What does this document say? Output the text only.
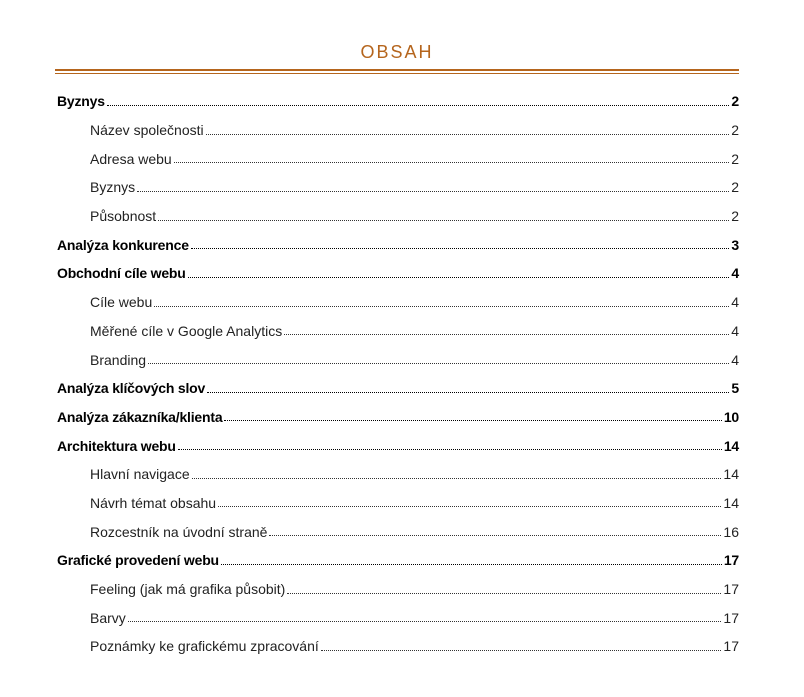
OBSAH
Byznys	2
Název společnosti	2
Adresa webu	2
Byznys	2
Působnost	2
Analýza konkurence	3
Obchodní cíle webu	4
Cíle webu	4
Měřené cíle v Google Analytics	4
Branding	4
Analýza klíčových slov	5
Analýza zákazníka/klienta	10
Architektura webu	14
Hlavní navigace	14
Návrh témat obsahu	14
Rozcestník na úvodní straně	16
Grafické provedení webu	17
Feeling (jak má grafika působit)	17
Barvy	17
Poznámky ke grafickému zpracování	17
